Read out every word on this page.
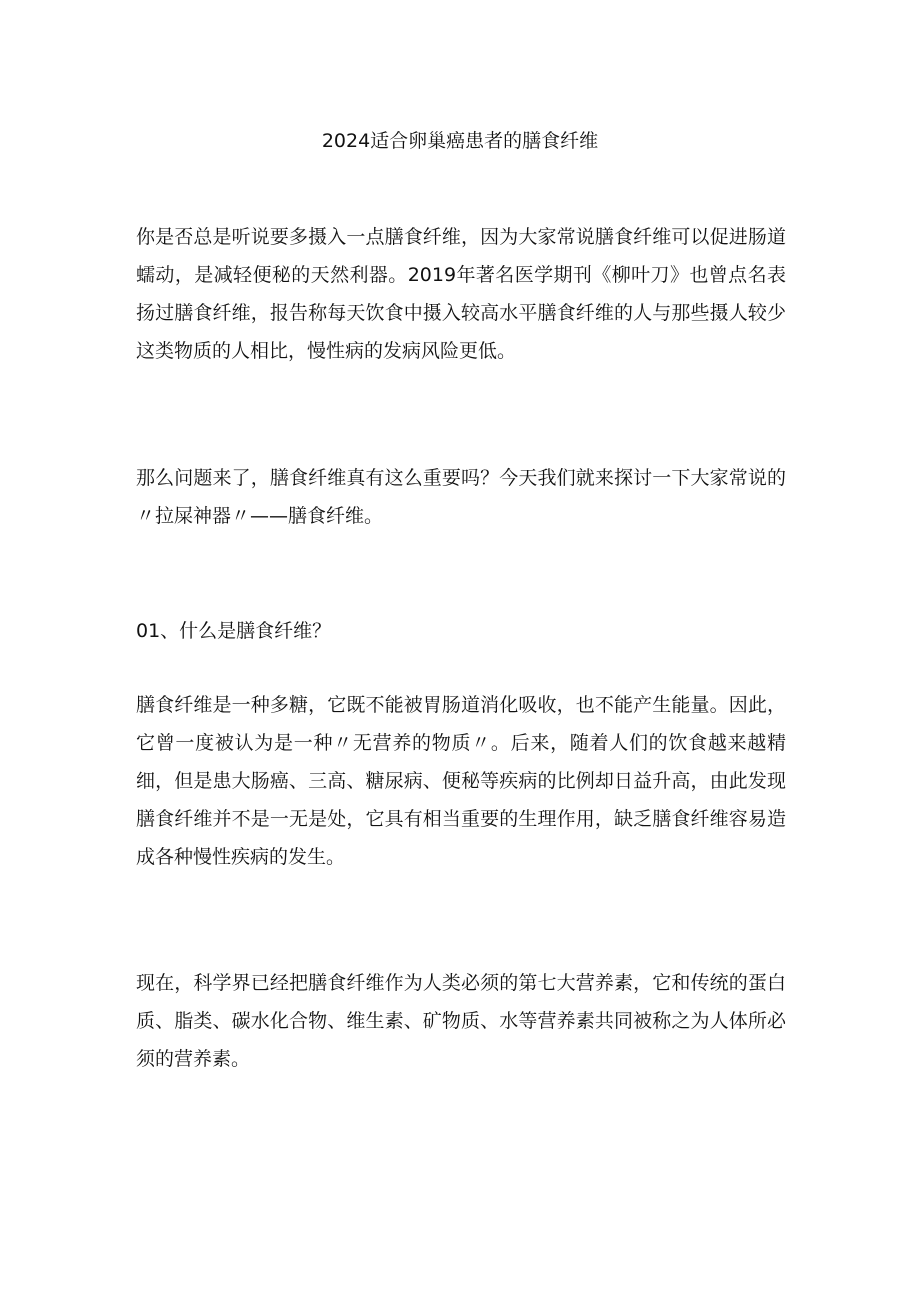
2024适合卵巢癌患者的膳食纤维

你是否总是听说要多摄入一点膳食纤维，因为大家常说膳食纤维可以促进肠道蠕动，是减轻便秘的天然利器。2019年著名医学期刊《柳叶刀》也曾点名表扬过膳食纤维，报告称每天饮食中摄入较高水平膳食纤维的人与那些摄人较少这类物质的人相比，慢性病的发病风险更低。

那么问题来了，膳食纤维真有这么重要吗？今天我们就来探讨一下大家常说的〃拉屎神器〃——膳食纤维。

01、什么是膳食纤维？

膳食纤维是一种多糖，它既不能被胃肠道消化吸收，也不能产生能量。因此，它曾一度被认为是一种〃无营养的物质〃。后来，随着人们的饮食越来越精细，但是患大肠癌、三高、糖尿病、便秘等疾病的比例却日益升高，由此发现膳食纤维并不是一无是处，它具有相当重要的生理作用，缺乏膳食纤维容易造成各种慢性疾病的发生。

现在，科学界已经把膳食纤维作为人类必须的第七大营养素，它和传统的蛋白质、脂类、碳水化合物、维生素、矿物质、水等营养素共同被称之为人体所必须的营养素。
